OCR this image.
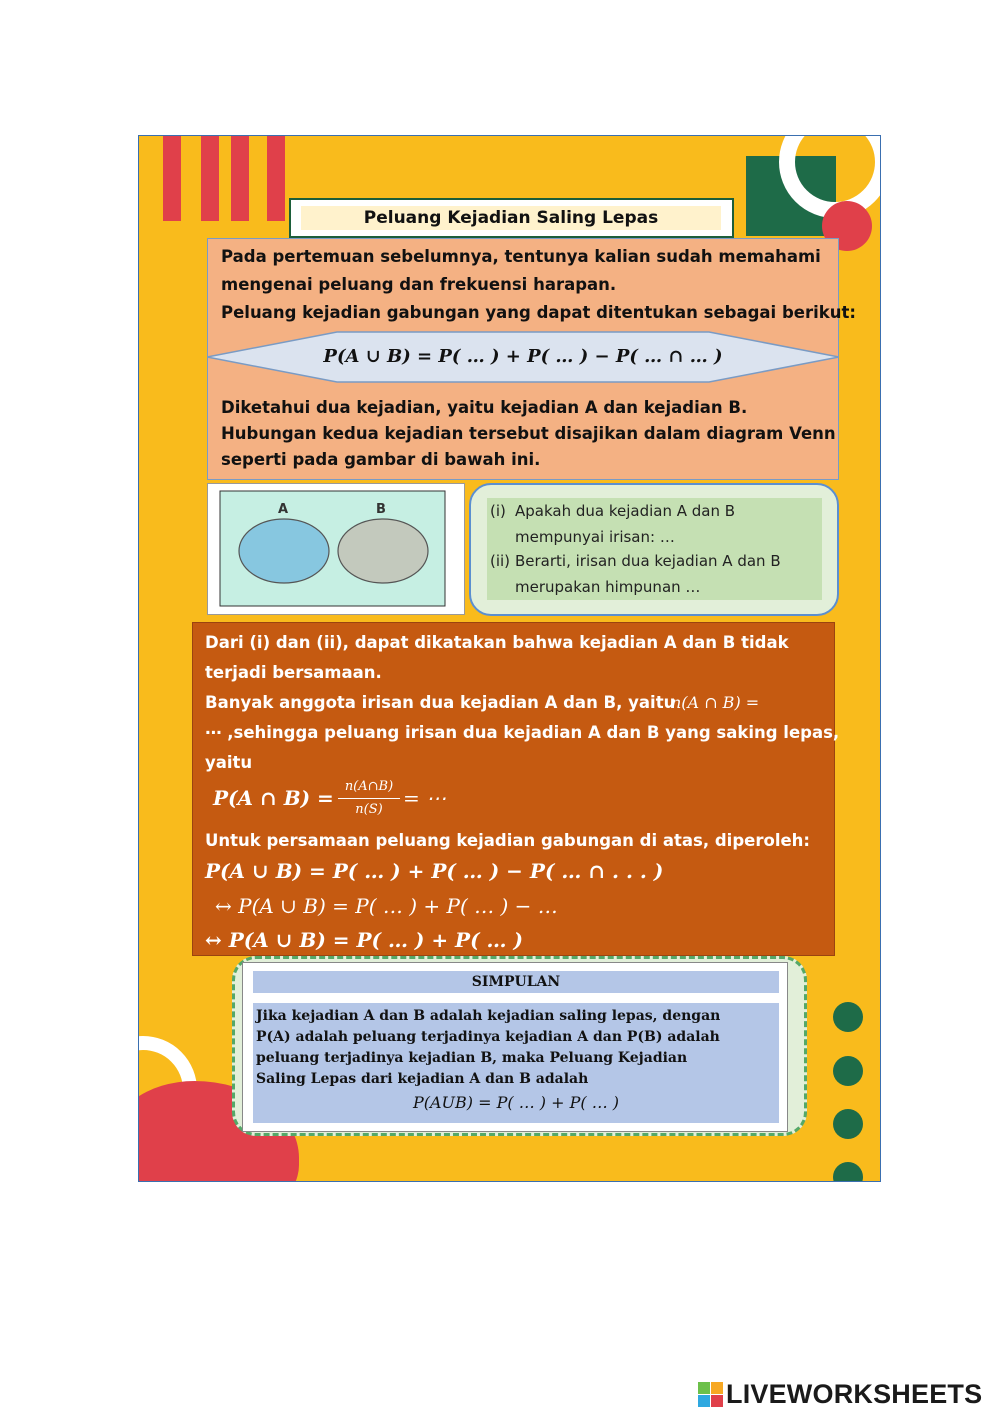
Peluang Kejadian Saling Lepas
Pada pertemuan sebelumnya, tentunya kalian sudah memahami
mengenai peluang dan frekuensi harapan.
Peluang kejadian gabungan yang dapat ditentukan sebagai berikut:
Diketahui dua kejadian, yaitu kejadian A dan kejadian B.
Hubungan kedua kejadian tersebut disajikan dalam diagram Venn
seperti pada gambar di bawah ini.
P(A ∪ B) = P( … ) + P( … ) − P( … ∩ … )
A	B	(i) Apakah dua kejadian A dan B
mempunyai irisan: …
(ii) Berarti, irisan dua kejadian A dan B
merupakan himpunan …
Dari (i) dan (ii), dapat dikatakan bahwa kejadian A dan B tidak
terjadi bersamaan.
Banyak anggota irisan dua kejadian A dan B, yaitu
n(A ∩ B) =
⋯ ,sehingga peluang irisan dua kejadian A dan B yang saking lepas,
yaitu
P(A ∩ B) = n(A∩B)
n(S)	= ⋯
Untuk persamaan peluang kejadian gabungan di atas, diperoleh:
P(A ∪ B) = P( … ) + P( … ) − P( … ∩ . . . )
↔ P(A ∪ B) = P( … ) + P( … ) − …
↔ P(A ∪ B) = P( … ) + P( … )
SIMPULAN
Jika kejadian A dan B adalah kejadian saling lepas, dengan
P(A) adalah peluang terjadinya kejadian A dan P(B) adalah
peluang terjadinya kejadian B, maka Peluang Kejadian
Saling Lepas dari kejadian A dan B adalah
P(AUB) = P( … ) + P( … )
LIVEWORKSHEETS
